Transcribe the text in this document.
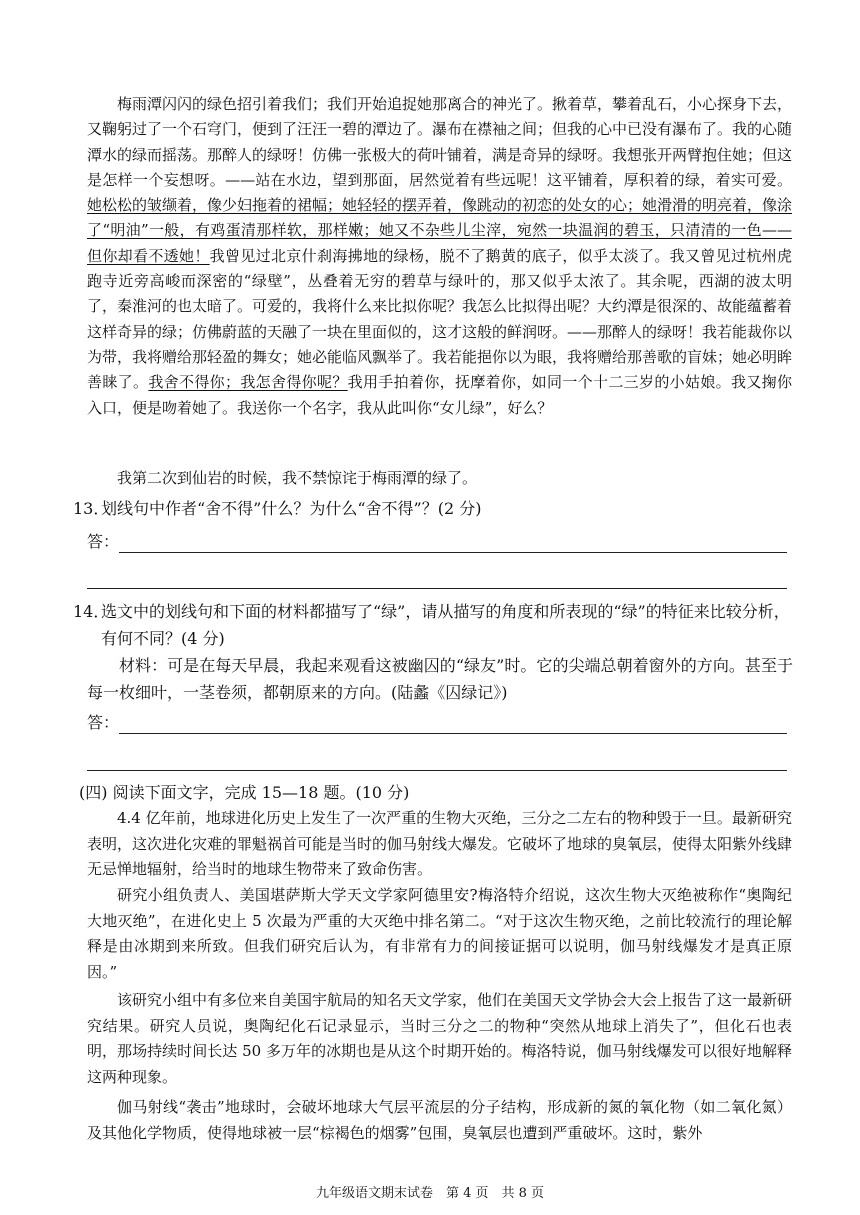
梅雨潭闪闪的绿色招引着我们；我们开始追捉她那离合的神光了。揪着草，攀着乱石，小心探身下去，又鞠躬过了一个石穹门，便到了汪汪一碧的潭边了。瀑布在襟袖之间；但我的心中已没有瀑布了。我的心随潭水的绿而摇荡。那醉人的绿呀！仿佛一张极大的荷叶铺着，满是奇异的绿呀。我想张开两臂抱住她；但这是怎样一个妄想呀。——站在水边，望到那面，居然觉着有些远呢！这平铺着，厚积着的绿，着实可爱。她松松的皱缬着，像少妇拖着的裙幅；她轻轻的摆弄着，像跳动的初恋的处女的心；她滑滑的明亮着，像涂了“明油”一般，有鸡蛋清那样软，那样嫩；她又不杂些儿尘滓，宛然一块温润的碧玉，只清清的一色——但你却看不透她！我曾见过北京什刹海拂地的绿杨，脱不了鹅黄的底子，似乎太淡了。我又曾见过杭州虎跑寺近旁高峻而深密的“绿壁”，丛叠着无穷的碧草与绿叶的，那又似乎太浓了。其余呢，西湖的波太明了，秦淮河的也太暗了。可爱的，我将什么来比拟你呢？我怎么比拟得出呢？大约潭是很深的、故能蕴蓄着这样奇异的绿；仿佛蔚蓝的天融了一块在里面似的，这才这般的鲜润呀。——那醉人的绿呀！我若能裁你以为带，我将赠给那轻盈的舞女；她必能临风飘举了。我若能挹你以为眼，我将赠给那善歌的盲妹；她必明眸善睐了。我舍不得你；我怎舍得你呢？我用手拍着你，抚摩着你，如同一个十二三岁的小姑娘。我又掬你入口，便是吻着她了。我送你一个名字，我从此叫你“女儿绿”，好么？

我第二次到仙岩的时候，我不禁惊诧于梅雨潭的绿了。

13．划线句中作者“舍不得”什么？为什么“舍不得”？(2 分)

答：
14．选文中的划线句和下面的材料都描写了“绿”，请从描写的角度和所表现的“绿”的特征来比较分析，有何不同？(4 分)

材料：可是在每天早晨，我起来观看这被幽囚的“绿友”时。它的尖端总朝着窗外的方向。甚至于每一枚细叶，一茎卷须，都朝原来的方向。(陆蠡《囚绿记》)

答：

(四) 阅读下面文字，完成 15—18 题。(10 分)

4.4 亿年前，地球进化历史上发生了一次严重的生物大灭绝，三分之二左右的物种毁于一旦。最新研究表明，这次进化灾难的罪魁祸首可能是当时的伽马射线大爆发。它破坏了地球的臭氧层，使得太阳紫外线肆无忌惮地辐射，给当时的地球生物带来了致命伤害。

研究小组负责人、美国堪萨斯大学天文学家阿德里安?梅洛特介绍说，这次生物大灭绝被称作“奥陶纪大地灭绝”，在进化史上 5 次最为严重的大灭绝中排名第二。“对于这次生物灭绝，之前比较流行的理论解释是由冰期到来所致。但我们研究后认为，有非常有力的间接证据可以说明，伽马射线爆发才是真正原因。”

该研究小组中有多位来自美国宇航局的知名天文学家，他们在美国天文学协会大会上报告了这一最新研究结果。研究人员说，奥陶纪化石记录显示，当时三分之二的物种“突然从地球上消失了”，但化石也表明，那场持续时间长达 50 多万年的冰期也是从这个时期开始的。梅洛特说，伽马射线爆发可以很好地解释这两种现象。

伽马射线“袭击”地球时，会破坏地球大气层平流层的分子结构，形成新的氮的氧化物（如二氧化氮）及其他化学物质，使得地球被一层“棕褐色的烟雾”包围，臭氧层也遭到严重破坏。这时，紫外

九年级语文期末试卷　第 4 页　共 8 页
